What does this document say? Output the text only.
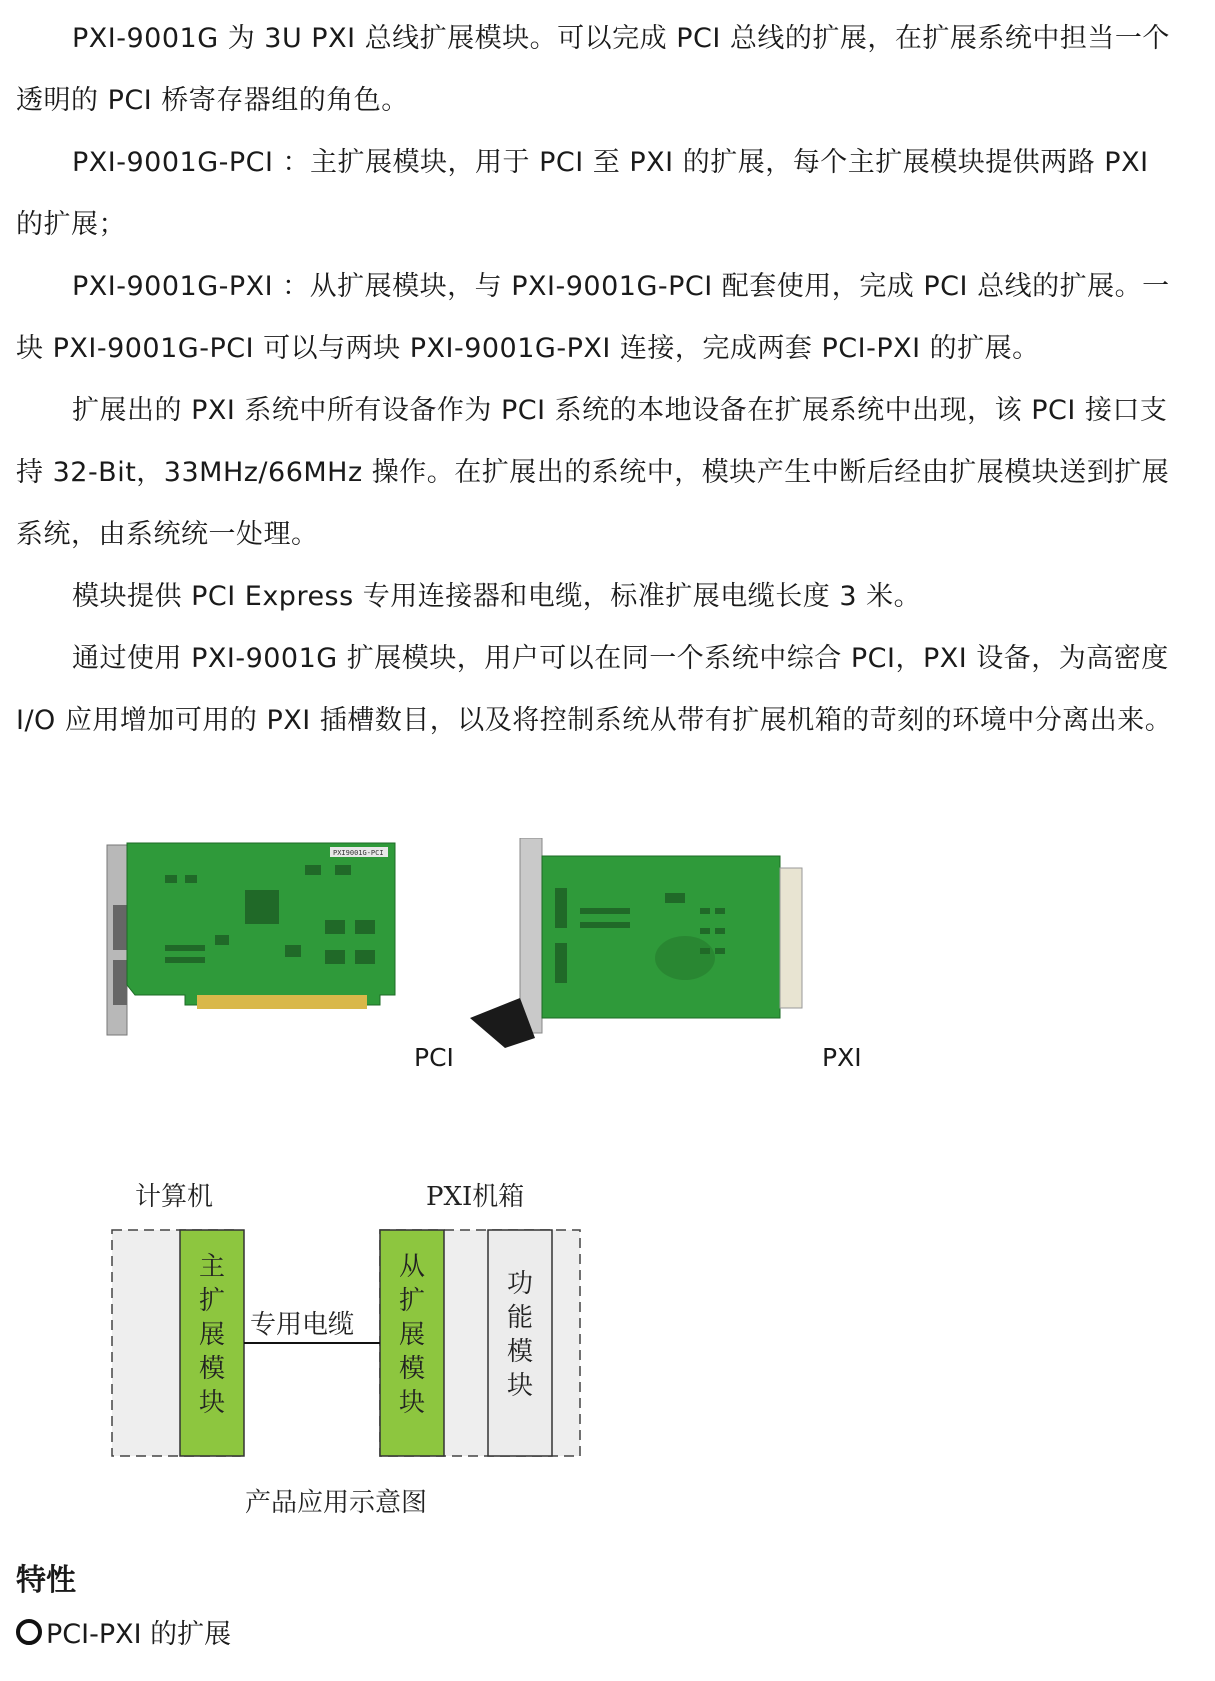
PXI-9001G 为 3U PXI 总线扩展模块。可以完成 PCI 总线的扩展，在扩展系统中担当一个透明的 PCI 桥寄存器组的角色。

PXI-9001G-PCI ：主扩展模块，用于 PCI 至 PXI 的扩展，每个主扩展模块提供两路 PXI 的扩展；

PXI-9001G-PXI ：从扩展模块，与 PXI-9001G-PCI 配套使用，完成 PCI 总线的扩展。一块 PXI-9001G-PCI 可以与两块 PXI-9001G-PXI 连接，完成两套 PCI-PXI 的扩展。

扩展出的 PXI 系统中所有设备作为 PCI 系统的本地设备在扩展系统中出现，该 PCI 接口支持 32-Bit，33MHz/66MHz 操作。在扩展出的系统中，模块产生中断后经由扩展模块送到扩展系统，由系统统一处理。

模块提供 PCI Express 专用连接器和电缆，标准扩展电缆长度 3 米。

通过使用 PXI-9001G 扩展模块，用户可以在同一个系统中综合 PCI，PXI 设备，为高密度 I/O 应用增加可用的 PXI 插槽数目，以及将控制系统从带有扩展机箱的苛刻的环境中分离出来。

PXI9001G-PCI
PCI	PXI
计算机	PXI机箱
专用电缆
主
扩
展
模
块
从
扩
展
模
块
功
能
模
块
产品应用示意图
特性
PCI-PXI 的扩展
